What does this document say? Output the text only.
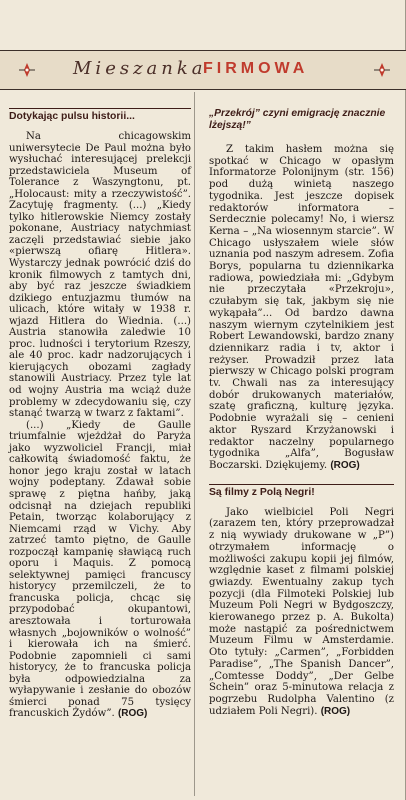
Mieszanka
FIRMOWA
Dotykając pulsu historii...

Na chicagowskim uniwersytecie De Paul można było wysłuchać interesującej prelekcji przedstawiciela Museum of Tolerance z Waszyngtonu, pt. „Holocaust: mity a rzeczywistość”. Zacytuję fragmenty. (...) „Kiedy tylko hitlerowskie Niemcy zostały pokonane, Austriacy natychmiast zaczęli przedstawiać siebie jako «pierwszą ofiarę Hitlera». Wystarczy jednak powrócić dziś do kronik filmowych z tamtych dni, aby być raz jeszcze świadkiem dzikiego entuzjazmu tłumów na ulicach, które witały w 1938 r. wjazd Hitlera do Wiednia. (...) Austria stanowiła zaledwie 10 proc. ludności i terytorium Rzeszy, ale 40 proc. kadr nadzorujących i kierujących obozami zagłady stanowili Austriacy. Przez tyle lat od wojny Austria ma wciąż duże problemy w zdecydowaniu się, czy stanąć twarzą w twarz z faktami”.

(...) „Kiedy de Gaulle triumfalnie wjeżdżał do Paryża jako wyzwoliciel Francji, miał całkowitą świadomość faktu, że honor jego kraju został w latach wojny podeptany. Zdawał sobie sprawę z piętna hańby, jaką odcisnął na dziejach republiki Petain, tworząc kolaborujący z Niemcami rząd w Vichy. Aby zatrzeć tamto piętno, de Gaulle rozpoczął kampanię sławiącą ruch oporu i Maquis. Z pomocą selektywnej pamięci francuscy historycy przemilczeli, że to francuska policja, chcąc się przypodobać okupantowi, aresztowała i torturowała własnych „bojowników o wolność” i kierowała ich na śmierć. Podobnie zapomnieli ci sami historycy, że to francuska policja była odpowiedzialna za wyłapywanie i zesłanie do obozów śmierci ponad 75 tysięcy francuskich Żydów”. (ROG)

„Przekrój” czyni emigrację znacznie lżejszą!”

Z takim hasłem można się spotkać w Chicago w opasłym Informatorze Polonijnym (str. 156) pod dużą winietą naszego tygodnika. Jest jeszcze dopisek redaktorów informatora – Serdecznie polecamy! No, i wiersz Kerna – „Na wiosennym starcie”. W Chicago usłyszałem wiele słów uznania pod naszym adresem. Zofia Borys, popularna tu dziennikarka radiowa, powiedziała mi: „Gdybym nie przeczytała «Przekroju», czułabym się tak, jakbym się nie wykąpała”... Od bardzo dawna naszym wiernym czytelnikiem jest Robert Lewandowski, bardzo znany dziennikarz radia i tv, aktor i reżyser. Prowadził przez lata pierwszy w Chicago polski program tv. Chwali nas za interesujący dobór drukowanych materiałów, szatę graficzną, kulturę języka. Podobnie wyrażali się – cenieni aktor Ryszard Krzyżanowski i redaktor naczelny popularnego tygodnika „Alfa”, Bogusław Boczarski. Dziękujemy. (ROG)

Są filmy z Polą Negri!

Jako wielbiciel Poli Negri (zarazem ten, który przeprowadzał z nią wywiady drukowane w „P”) otrzymałem informację o możliwości zakupu kopii jej filmów, względnie kaset z filmami polskiej gwiazdy. Ewentualny zakup tych pozycji (dla Filmoteki Polskiej lub Muzeum Poli Negri w Bydgoszczy, kierowanego przez p. A. Bukolta) może nastąpić za pośrednictwem Muzeum Filmu w Amsterdamie. Oto tytuły: „Carmen”, „Forbidden Paradise”, „The Spanish Dancer”, „Comtesse Doddy”, „Der Gelbe Schein” oraz 5-minutowa relacja z pogrzebu Rudolpha Valentino (z udziałem Poli Negri). (ROG)
